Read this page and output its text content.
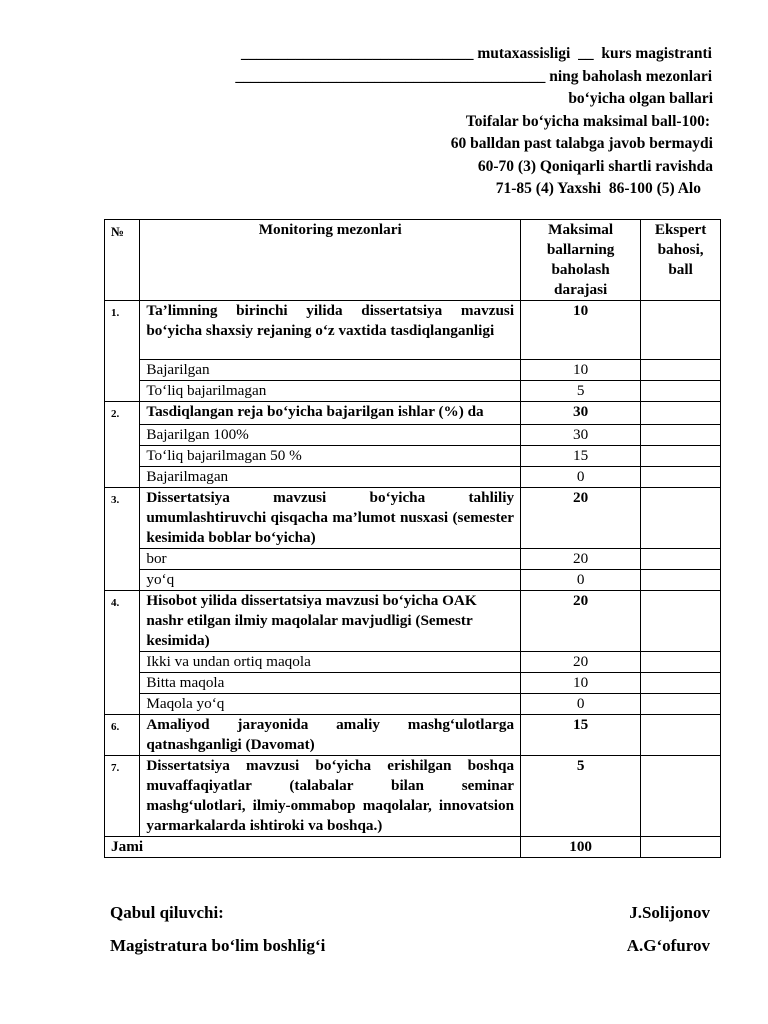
______________________________ mutaxassisligi  __  kurs magistranti
________________________________________ ning baholash mezonlari
bo‘yicha olgan ballari
Toifalar bo‘yicha maksimal ball-100:
60 balldan past talabga javob bermaydi
60-70 (3) Qoniqarli shartli ravishda
71-85 (4) Yaxshi  86-100 (5) Alo
№	Monitoring mezonlari	Maksimal ballarning baholash darajasi	Ekspert bahosi, ball
1.	Ta’limning birinchi yilida dissertatsiya mavzusi bo‘yicha shaxsiy rejaning o‘z vaxtida tasdiqlanganligi	10	
	Bajarilgan	10	
	To‘liq bajarilmagan	5	
2.	Tasdiqlangan reja bo‘yicha bajarilgan ishlar (%) da	30	
	Bajarilgan 100%	30	
	To‘liq bajarilmagan 50 %	15	
	Bajarilmagan	0	
3.	Dissertatsiya mavzusi bo‘yicha tahliliy umumlashtiruvchi qisqacha ma’lumot nusxasi (semester kesimida boblar bo‘yicha)	20	
	bor	20	
	yo‘q	0	
4.	Hisobot yilida dissertatsiya mavzusi bo‘yicha OAK nashr etilgan ilmiy maqolalar mavjudligi (Semestr kesimida)	20	
	Ikki va undan ortiq maqola	20	
	Bitta maqola	10	
	Maqola yo‘q	0	
6.	Amaliyod jarayonida amaliy mashg‘ulotlarga qatnashganligi (Davomat)	15	
7.	Dissertatsiya mavzusi bo‘yicha erishilgan boshqa muvaffaqiyatlar (talabalar bilan seminar mashg‘ulotlari, ilmiy-ommabop maqolalar, innovatsion yarmarkalarda ishtiroki va boshqa.)	5	
Jami		100	
Qabul qiluvchi:	J.Solijonov
Magistratura bo‘lim boshlig‘i	A.G‘ofurov
